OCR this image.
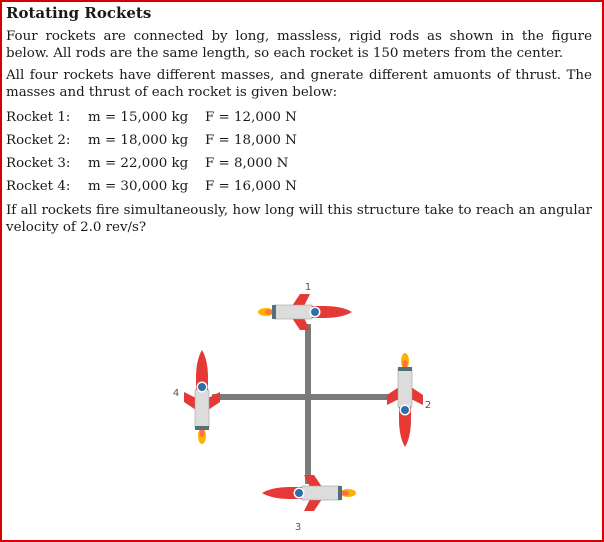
Rotating Rockets
Four rockets are connected by long, massless, rigid rods as shown in the figure below. All rods are the same length, so each rocket is 150 meters from the center.
All four rockets have different masses, and gnerate different amuonts of thrust. The masses and thrust of each rocket is given below:
Rocket 1: m = 15,000 kg F = 12,000 N
Rocket 2: m = 18,000 kg F = 18,000 N
Rocket 3: m = 22,000 kg F = 8,000 N
Rocket 4: m = 30,000 kg F = 16,000 N
If all rockets fire simultaneously, how long will this structure take to reach an angular velocity of 2.0 rev/s?
1
2
3
4
